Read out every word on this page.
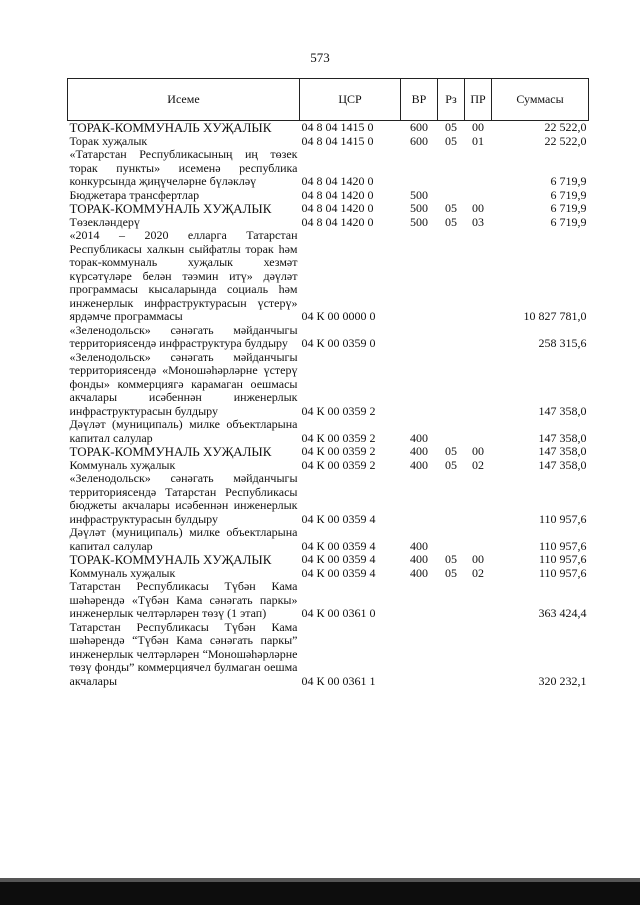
573
Исеме	ЦСР	ВР	Рз	ПР	Суммасы
ТОРАК-КОММУНАЛЬ ХУҖАЛЫК	04 8 04 1415 0	600	05	00	22 522,0
Торак хуҗалык	04 8 04 1415 0	600	05	01	22 522,0
«Татарстан Республикасының иң төзек торак пункты» исеменә республика конкурсында җиңүчеләрне бүләкләү	04 8 04 1420 0				6 719,9
Бюджетара трансфертлар	04 8 04 1420 0	500			6 719,9
ТОРАК-КОММУНАЛЬ ХУҖАЛЫК	04 8 04 1420 0	500	05	00	6 719,9
Төзекләндерү	04 8 04 1420 0	500	05	03	6 719,9
«2014 – 2020 елларга Татарстан Республикасы халкын сыйфатлы торак һәм торак-коммуналь хуҗалык хезмәт күрсәтүләре белән тәэмин итү» дәүләт программасы кысаларында социаль һәм инженерлык инфраструктурасын үстерү» ярдәмче программасы	04 К 00 0000 0				10 827 781,0
«Зеленодольск» сәнәгать мәйданчыгы территориясендә инфраструктура булдыру	04 К 00 0359 0				258 315,6
«Зеленодольск» сәнәгать мәйданчыгы территориясендә «Моношәһәрләрне үстерү фонды» коммерциягә карамаган оешмасы акчалары исәбеннән инженерлык инфраструктурасын булдыру	04 К 00 0359 2				147 358,0
Дәүләт (муниципаль) милке объектларына капитал салулар	04 К 00 0359 2	400			147 358,0
ТОРАК-КОММУНАЛЬ ХУҖАЛЫК	04 К 00 0359 2	400	05	00	147 358,0
Коммуналь хуҗалык	04 К 00 0359 2	400	05	02	147 358,0
«Зеленодольск» сәнәгать мәйданчыгы территориясендә Татарстан Республикасы бюджеты акчалары исәбеннән инженерлык инфраструктурасын булдыру	04 К 00 0359 4				110 957,6
Дәүләт (муниципаль) милке объектларына капитал салулар	04 К 00 0359 4	400			110 957,6
ТОРАК-КОММУНАЛЬ ХУҖАЛЫК	04 К 00 0359 4	400	05	00	110 957,6
Коммуналь хуҗалык	04 К 00 0359 4	400	05	02	110 957,6
Татарстан Республикасы Түбән Кама шәһәрендә «Түбән Кама сәнәгать паркы» инженерлык челтәрләрен төзү (1 этап)	04 К 00 0361 0				363 424,4
Татарстан Республикасы Түбән Кама шәһәрендә “Түбән Кама сәнәгать паркы” инженерлык челтәрләрен “Моношәһәрләрне төзү фонды” коммерциячел булмаган оешма акчалары	04 К 00 0361 1				320 232,1
